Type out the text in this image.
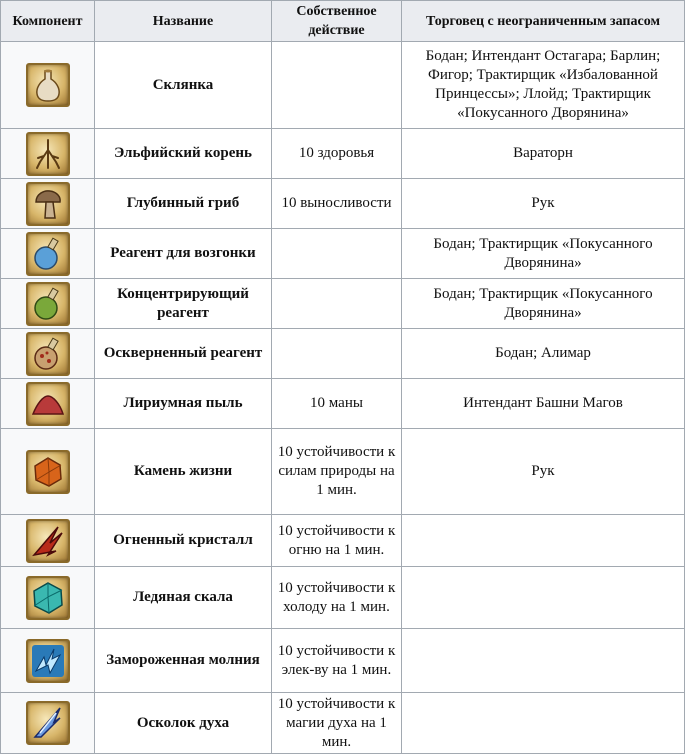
Компонент	Название	Собственное действие	Торговец с неограниченным запасом

	Склянка		Бодан; Интендант Остагара; Барлин; Фигор; Трактирщик «Избалованной Принцессы»; Ллойд; Трактирщик «Покусанного Дворянина»

	Эльфийский корень	10 здоровья	Вараторн

	Глубинный гриб	10 выносливости	Рук

	Реагент для возгонки		Бодан; Трактирщик «Покусанного Дворянина»

	Концентрирующий реагент		Бодан; Трактирщик «Покусанного Дворянина»

	Оскверненный реагент		Бодан; Алимар

	Лириумная пыль	10 маны	Интендант Башни Магов

	Камень жизни	10 устойчивости к силам природы на 1 мин.	Рук

	Огненный кристалл	10 устойчивости к огню на 1 мин.	

	Ледяная скала	10 устойчивости к холоду на 1 мин.	

	Замороженная молния	10 устойчивости к элек-ву на 1 мин.	

	Осколок духа	10 устойчивости к магии духа на 1 мин.	
